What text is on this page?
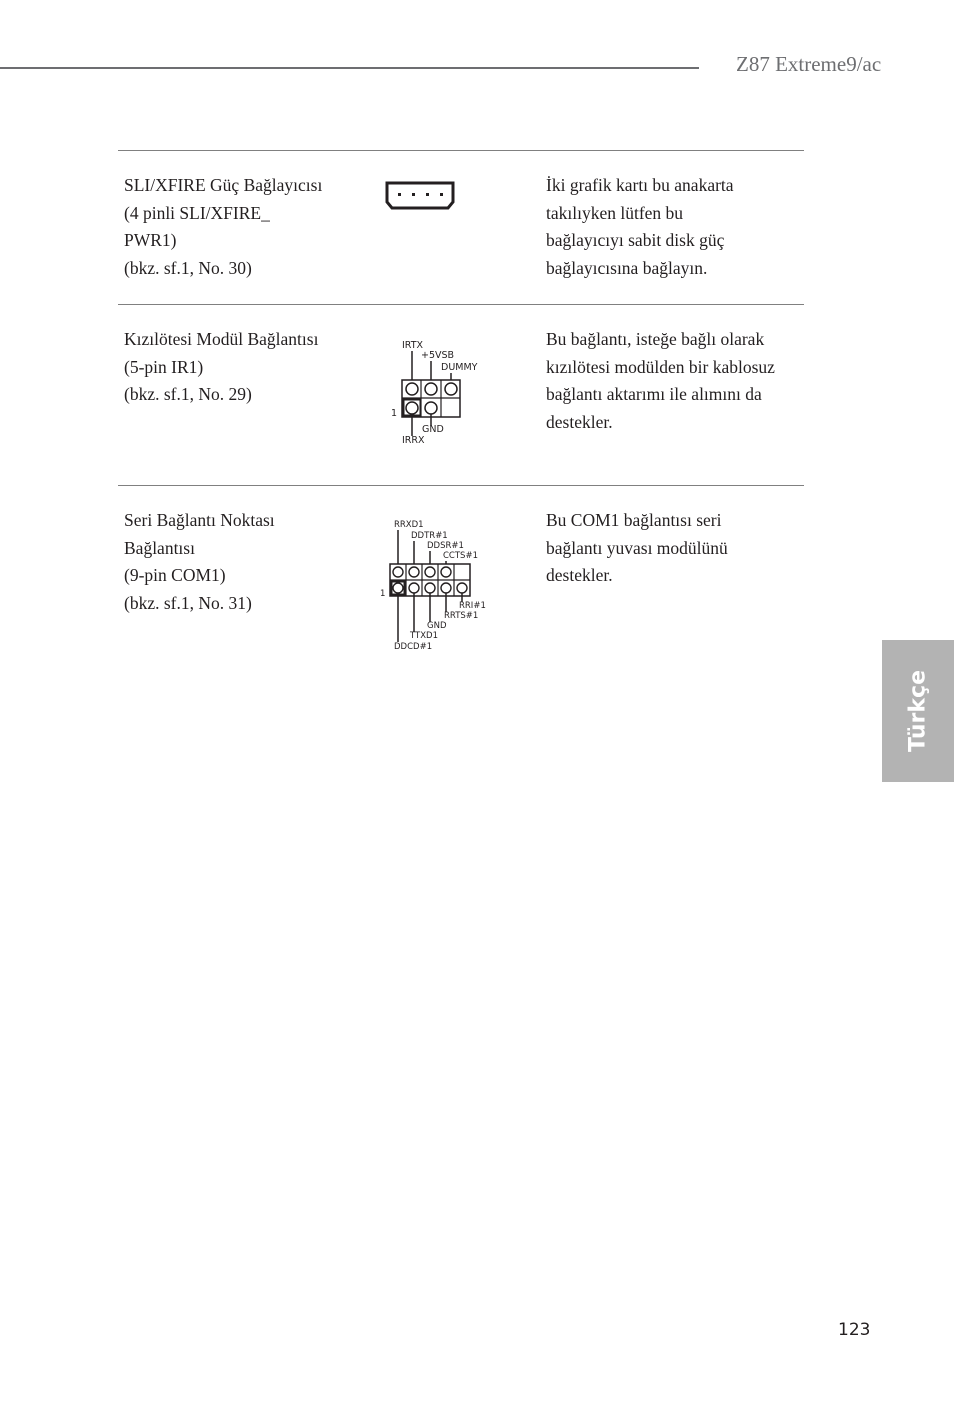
Z87 Extreme9/ac
SLI/XFIRE Güç Bağlayıcısı
(4 pinli SLI/XFIRE_
PWR1)
(bkz. sf.1, No. 30)
İki grafik kartı bu anakarta
takılıyken lütfen bu
bağlayıcıyı sabit disk güç
bağlayıcısına bağlayın.
Kızılötesi Modül Bağlantısı
(5-pin IR1)
(bkz. sf.1, No. 29)
IRTX
+5VSB
DUMMY
1
GND
IRRX
Bu bağlantı, isteğe bağlı olarak
kızılötesi modülden bir kablosuz
bağlantı aktarımı ile alımını da
destekler.
Seri Bağlantı Noktası
Bağlantısı
(9-pin COM1)
(bkz. sf.1, No. 31)
RRXD1
DDTR#1
DDSR#1
CCTS#1
1
RRI#1
RRTS#1
GND
TTXD1
DDCD#1
Bu COM1 bağlantısı seri
bağlantı yuvası modülünü
destekler.
Türkçe
123
